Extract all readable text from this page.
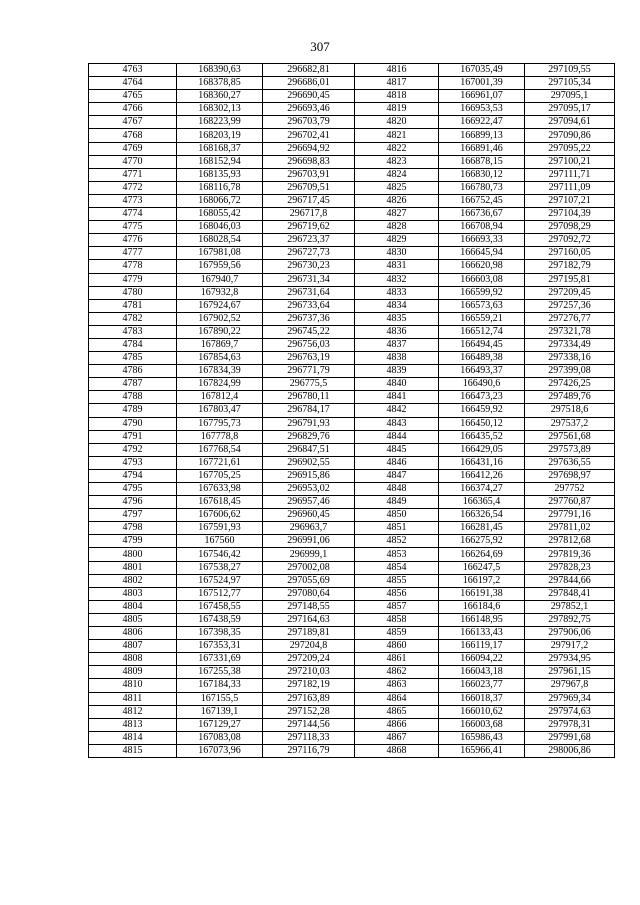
307
4763	168390,63	296682,81	4816	167035,49	297109,55
4764	168378,85	296686,01	4817	167001,39	297105,34
4765	168360,27	296690,45	4818	166961,07	297095,1
4766	168302,13	296693,46	4819	166953,53	297095,17
4767	168223,99	296703,79	4820	166922,47	297094,61
4768	168203,19	296702,41	4821	166899,13	297090,86
4769	168168,37	296694,92	4822	166891,46	297095,22
4770	168152,94	296698,83	4823	166878,15	297100,21
4771	168135,93	296703,91	4824	166830,12	297111,71
4772	168116,78	296709,51	4825	166780,73	297111,09
4773	168066,72	296717,45	4826	166752,45	297107,21
4774	168055,42	296717,8	4827	166736,67	297104,39
4775	168046,03	296719,62	4828	166708,94	297098,29
4776	168028,54	296723,37	4829	166693,33	297092,72
4777	167981,08	296727,73	4830	166645,94	297160,05
4778	167959,56	296730,23	4831	166620,98	297182,79
4779	167940,7	296731,34	4832	166603,08	297195,81
4780	167932,8	296731,64	4833	166599,92	297209,45
4781	167924,67	296733,64	4834	166573,63	297257,36
4782	167902,52	296737,36	4835	166559,21	297276,77
4783	167890,22	296745,22	4836	166512,74	297321,78
4784	167869,7	296756,03	4837	166494,45	297334,49
4785	167854,63	296763,19	4838	166489,38	297338,16
4786	167834,39	296771,79	4839	166493,37	297399,08
4787	167824,99	296775,5	4840	166490,6	297426,25
4788	167812,4	296780,11	4841	166473,23	297489,76
4789	167803,47	296784,17	4842	166459,92	297518,6
4790	167795,73	296791,93	4843	166450,12	297537,2
4791	167778,8	296829,76	4844	166435,52	297561,68
4792	167768,54	296847,51	4845	166429,05	297573,89
4793	167721,61	296902,55	4846	166431,16	297636,55
4794	167705,25	296915,86	4847	166412,26	297698,97
4795	167633,98	296953,02	4848	166374,27	297752
4796	167618,45	296957,46	4849	166365,4	297760,87
4797	167606,62	296960,45	4850	166326,54	297791,16
4798	167591,93	296963,7	4851	166281,45	297811,02
4799	167560	296991,06	4852	166275,92	297812,68
4800	167546,42	296999,1	4853	166264,69	297819,36
4801	167538,27	297002,08	4854	166247,5	297828,23
4802	167524,97	297055,69	4855	166197,2	297844,66
4803	167512,77	297080,64	4856	166191,38	297848,41
4804	167458,55	297148,55	4857	166184,6	297852,1
4805	167438,59	297164,63	4858	166148,95	297892,75
4806	167398,35	297189,81	4859	166133,43	297906,06
4807	167353,31	297204,8	4860	166119,17	297917,2
4808	167331,69	297209,24	4861	166094,22	297934,95
4809	167255,38	297210,03	4862	166043,18	297961,15
4810	167184,33	297182,19	4863	166023,77	297967,8
4811	167155,5	297163,89	4864	166018,37	297969,34
4812	167139,1	297152,28	4865	166010,62	297974,63
4813	167129,27	297144,56	4866	166003,68	297978,31
4814	167083,08	297118,33	4867	165986,43	297991,68
4815	167073,96	297116,79	4868	165966,41	298006,86
